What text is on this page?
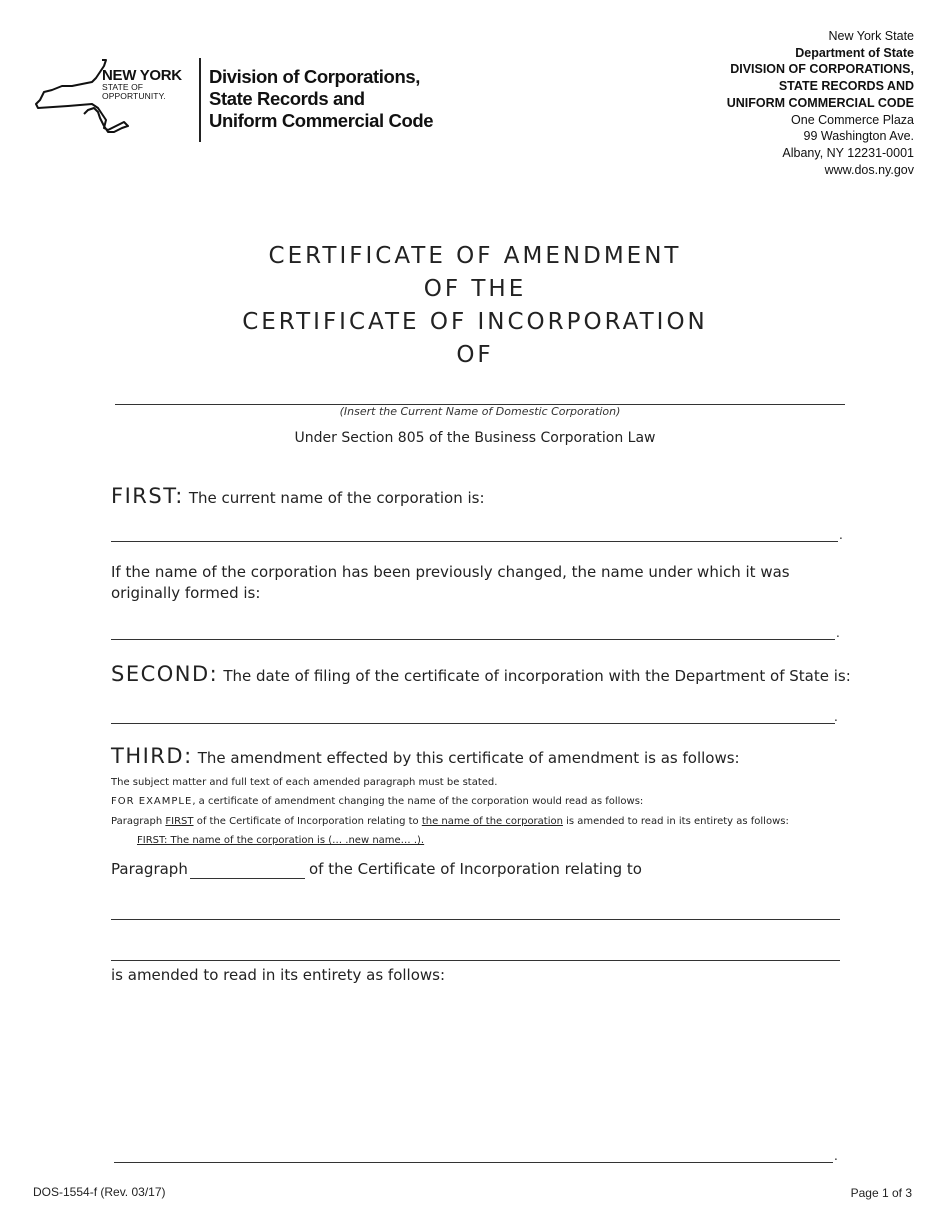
NEW YORK
STATE OF
OPPORTUNITY.
Division of Corporations,
State Records and
Uniform Commercial Code
New York State
Department of State
DIVISION OF CORPORATIONS,
STATE RECORDS AND
UNIFORM COMMERCIAL CODE
One Commerce Plaza
99 Washington Ave.
Albany, NY 12231-0001
www.dos.ny.gov
CERTIFICATE OF AMENDMENT
OF THE
CERTIFICATE OF INCORPORATION
OF
(Insert the Current Name of Domestic Corporation)
Under Section 805 of the Business Corporation Law
FIRST: The current name of the corporation is:
.
If the name of the corporation has been previously changed, the name under which it was
originally formed is:
.
SECOND: The date of filing of the certificate of incorporation with the Department of State is:
.
THIRD: The amendment effected by this certificate of amendment is as follows:
The subject matter and full text of each amended paragraph must be stated.
FOR EXAMPLE, a certificate of amendment changing the name of the corporation would read as follows:
Paragraph FIRST of the Certificate of Incorporation relating to the name of the corporation is amended to read in its entirety as follows:
FIRST: The name of the corporation is (… .new name… .).
Paragraph	of the Certificate of Incorporation relating to
is amended to read in its entirety as follows:
.
DOS-1554-f (Rev. 03/17)	Page 1 of 3
